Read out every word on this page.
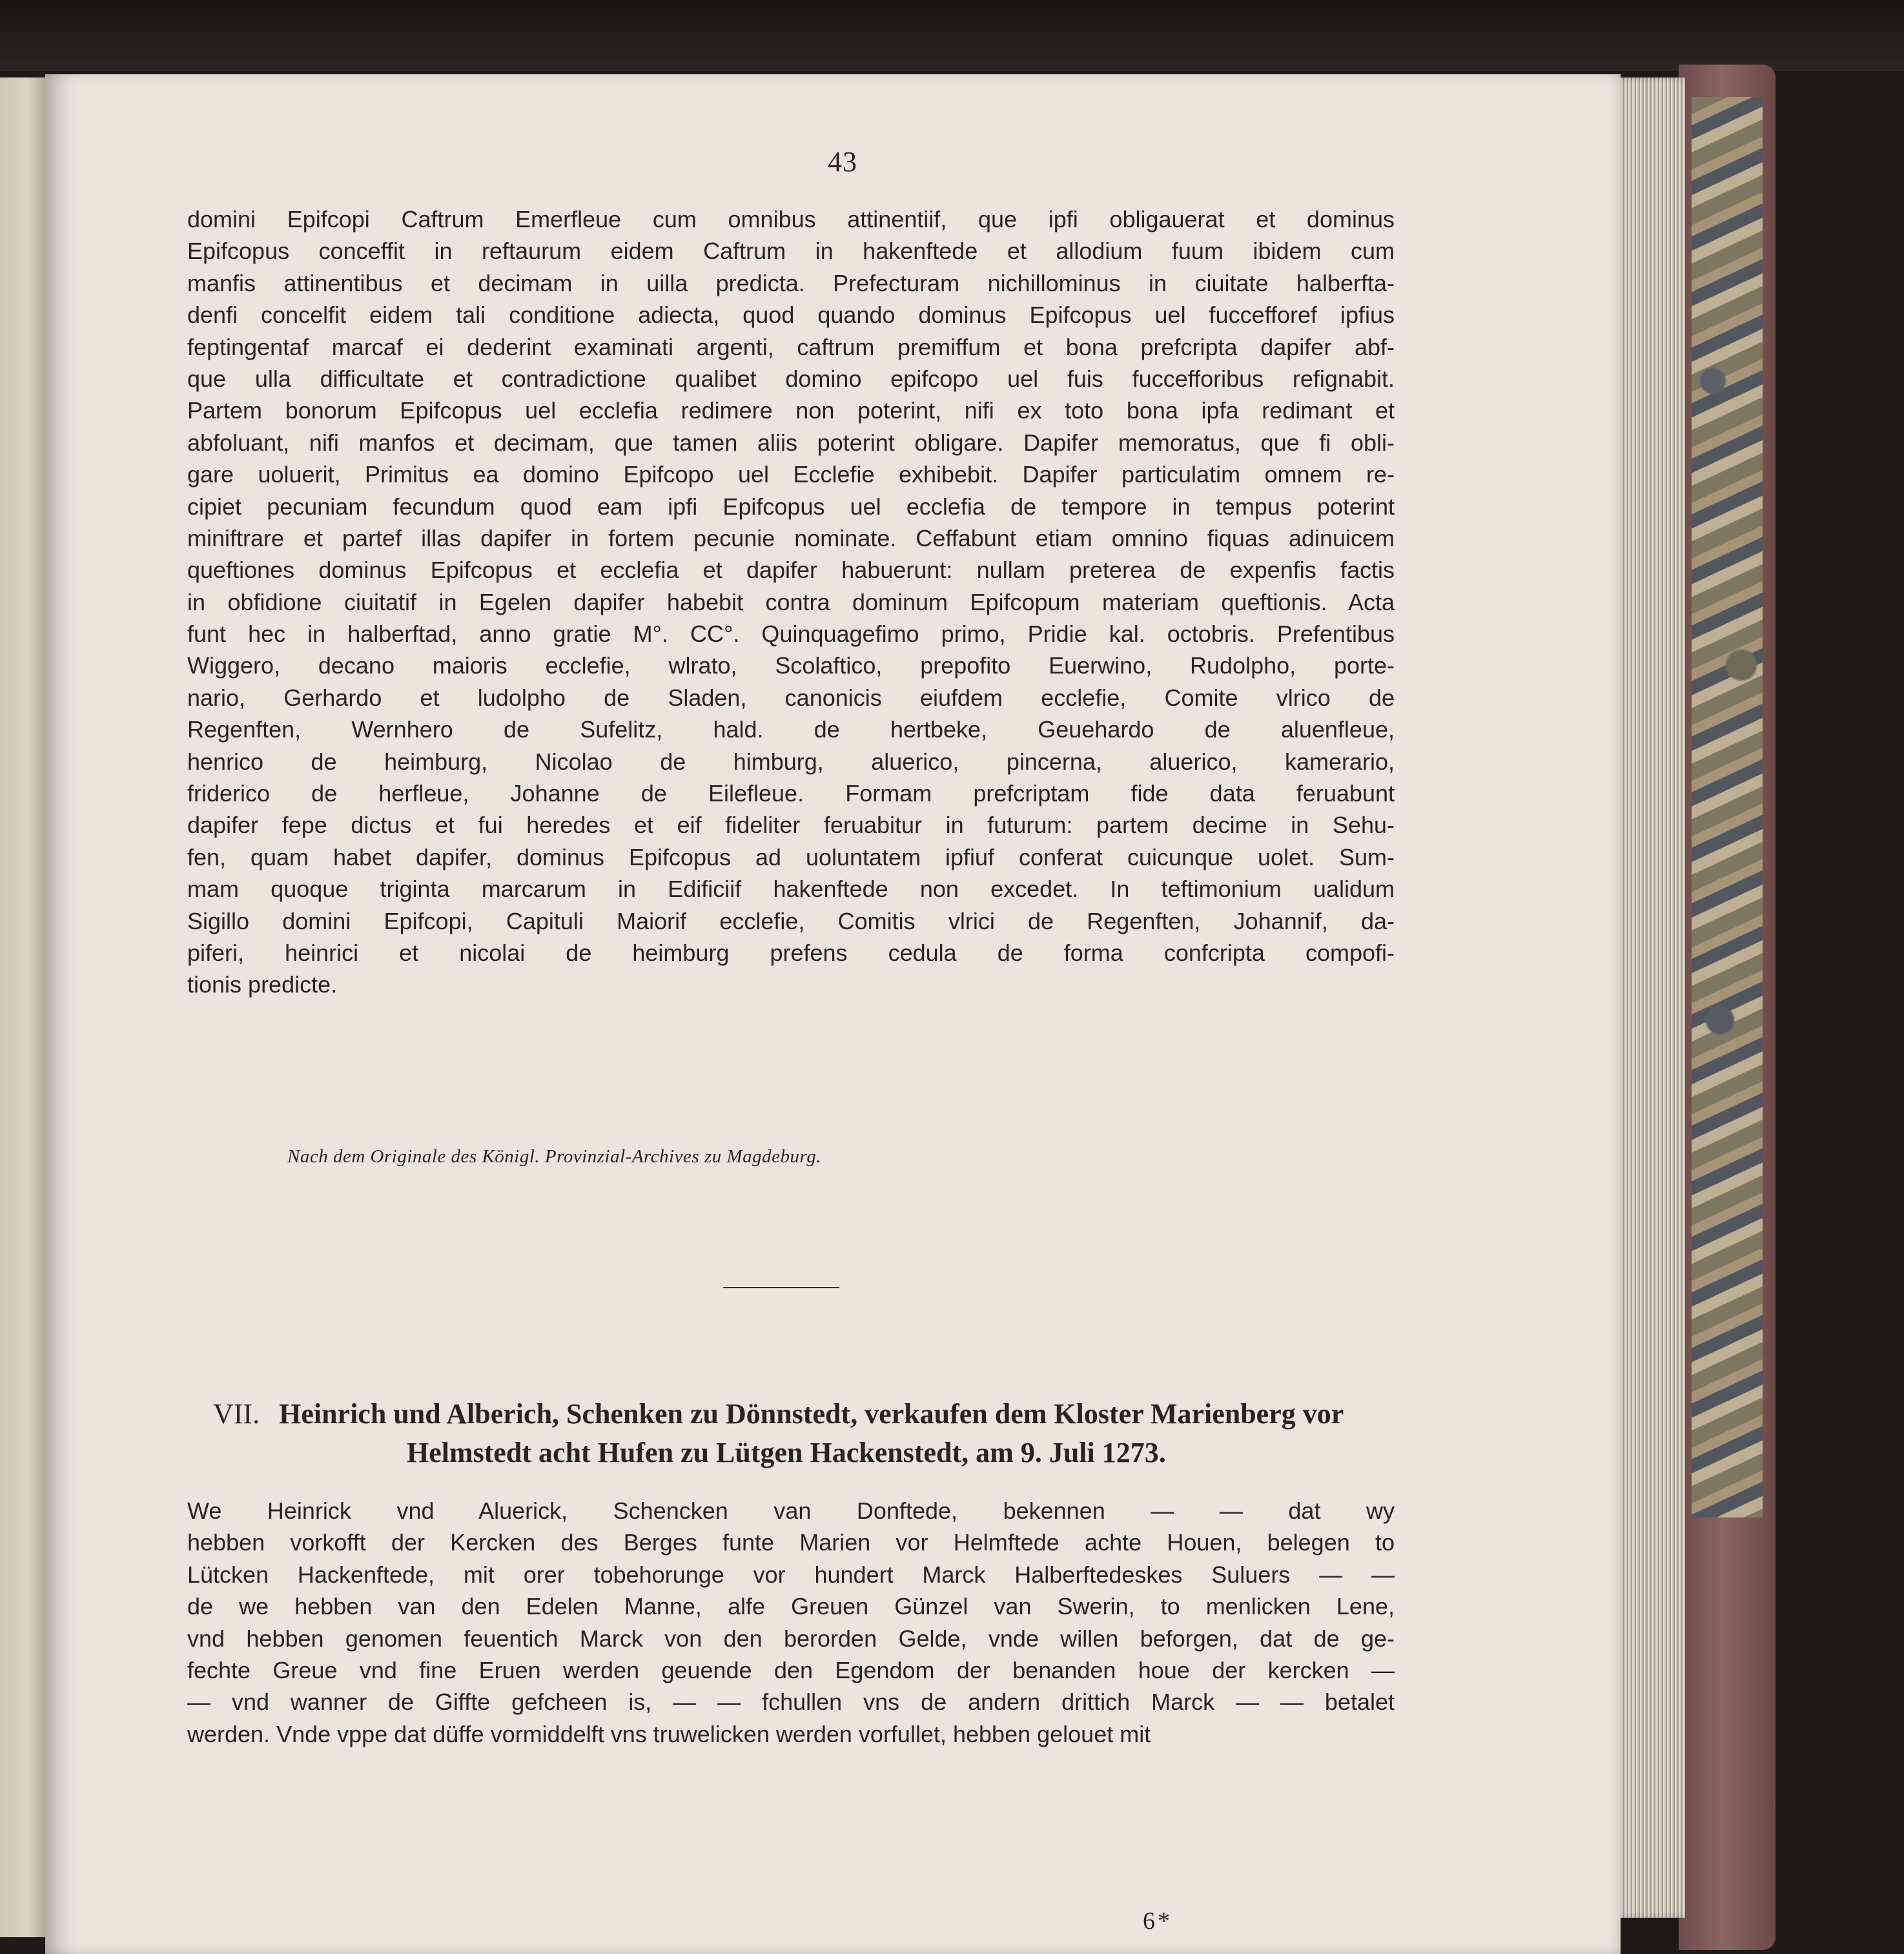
43
domini Epifcopi Caftrum Emerfleue cum omnibus attinentiif, que ipfi obligauerat et dominus
Epifcopus conceffit in reftaurum eidem Caftrum in hakenftede et allodium fuum ibidem cum
manfis attinentibus et decimam in uilla predicta. Prefecturam nichillominus in ciuitate halberfta-
denfi concelfit eidem tali conditione adiecta, quod quando dominus Epifcopus uel fuccefforef ipfius
feptingentaf marcaf ei dederint examinati argenti, caftrum premiffum et bona prefcripta dapifer abf-
que ulla difficultate et contradictione qualibet domino epifcopo uel fuis fuccefforibus refignabit.
Partem bonorum Epifcopus uel ecclefia redimere non poterint, nifi ex toto bona ipfa redimant et
abfoluant, nifi manfos et decimam, que tamen aliis poterint obligare. Dapifer memoratus, que fi obli-
gare uoluerit, Primitus ea domino Epifcopo uel Ecclefie exhibebit. Dapifer particulatim omnem re-
cipiet pecuniam fecundum quod eam ipfi Epifcopus uel ecclefia de tempore in tempus poterint
miniftrare et partef illas dapifer in fortem pecunie nominate. Ceffabunt etiam omnino fiquas adinuicem
queftiones dominus Epifcopus et ecclefia et dapifer habuerunt: nullam preterea de expenfis factis
in obfidione ciuitatif in Egelen dapifer habebit contra dominum Epifcopum materiam queftionis. Acta
funt hec in halberftad, anno gratie M°. CC°. Quinquagefimo primo, Pridie kal. octobris. Prefentibus
Wiggero, decano maioris ecclefie, wlrato, Scolaftico, prepofito Euerwino, Rudolpho, porte-
nario, Gerhardo et ludolpho de Sladen, canonicis eiufdem ecclefie, Comite vlrico de
Regenften, Wernhero de Sufelitz, hald. de hertbeke, Geuehardo de aluenfleue,
henrico de heimburg, Nicolao de himburg, aluerico, pincerna, aluerico, kamerario,
friderico de herfleue, Johanne de Eilefleue. Formam prefcriptam fide data feruabunt
dapifer fepe dictus et fui heredes et eif fideliter feruabitur in futurum: partem decime in Sehu-
fen, quam habet dapifer, dominus Epifcopus ad uoluntatem ipfiuf conferat cuicunque uolet. Sum-
mam quoque triginta marcarum in Edificiif hakenftede non excedet. In teftimonium ualidum
Sigillo domini Epifcopi, Capituli Maiorif ecclefie, Comitis vlrici de Regenften, Johannif, da-
piferi, heinrici et nicolai de heimburg prefens cedula de forma confcripta compofi-
tionis predicte.
Nach dem Originale des Königl. Provinzial-Archives zu Magdeburg.
VII. Heinrich und Alberich, Schenken zu Dönnstedt, verkaufen dem Kloster Marienberg vor
Helmstedt acht Hufen zu Lütgen Hackenstedt, am 9. Juli 1273.
We Heinrick vnd Aluerick, Schencken van Donftede, bekennen — — dat wy
hebben vorkofft der Kercken des Berges funte Marien vor Helmftede achte Houen, belegen to
Lütcken Hackenftede, mit orer tobehorunge vor hundert Marck Halberftedeskes Suluers — —
de we hebben van den Edelen Manne, alfe Greuen Günzel van Swerin, to menlicken Lene,
vnd hebben genomen feuentich Marck von den berorden Gelde, vnde willen beforgen, dat de ge-
fechte Greue vnd fine Eruen werden geuende den Egendom der benanden houe der kercken —
— vnd wanner de Giffte gefcheen is, — — fchullen vns de andern drittich Marck — — betalet
werden. Vnde vppe dat düffe vormiddelft vns truwelicken werden vorfullet, hebben gelouet mit
6*
